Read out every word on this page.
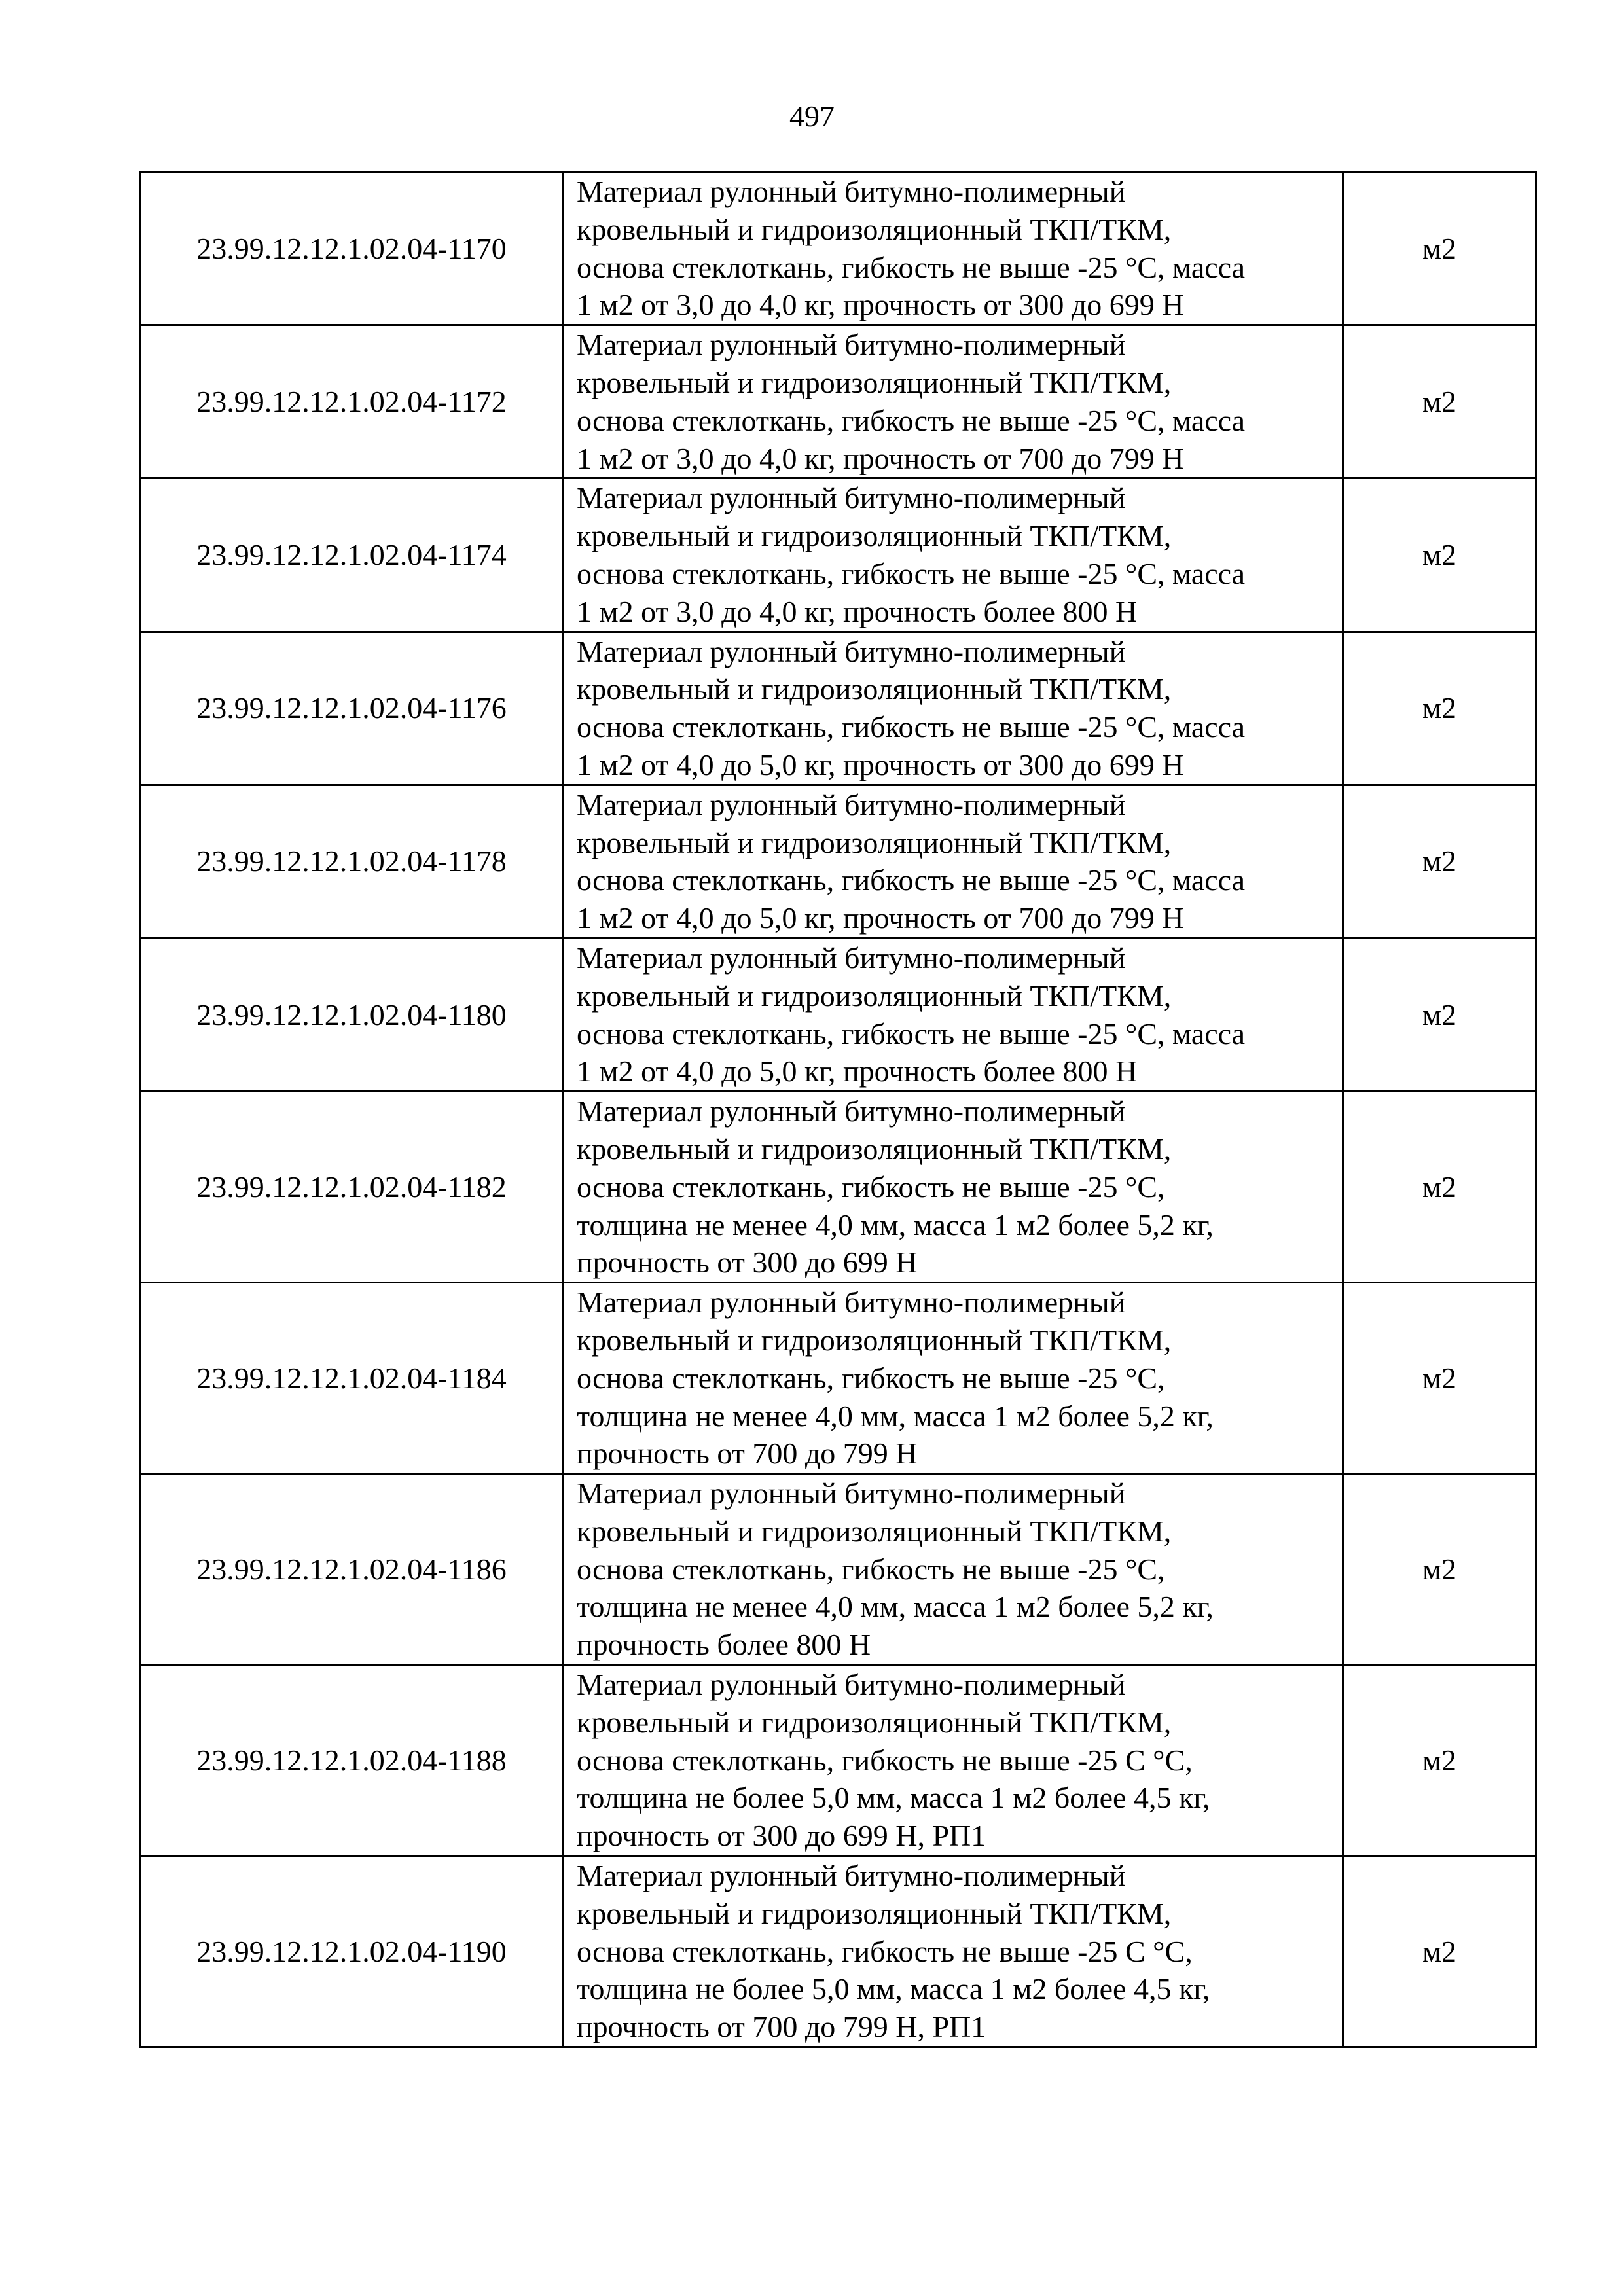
497
23.99.12.12.1.02.04-1170	Материал рулонный битумно-полимерный
кровельный и гидроизоляционный ТКП/ТКМ,
основа стеклоткань, гибкость не выше -25 °С, масса
1 м2 от 3,0 до 4,0 кг, прочность от 300 до 699 Н	м2
23.99.12.12.1.02.04-1172	Материал рулонный битумно-полимерный
кровельный и гидроизоляционный ТКП/ТКМ,
основа стеклоткань, гибкость не выше -25 °С, масса
1 м2 от 3,0 до 4,0 кг, прочность от 700 до 799 Н	м2
23.99.12.12.1.02.04-1174	Материал рулонный битумно-полимерный
кровельный и гидроизоляционный ТКП/ТКМ,
основа стеклоткань, гибкость не выше -25 °С, масса
1 м2 от 3,0 до 4,0 кг, прочность более 800 Н	м2
23.99.12.12.1.02.04-1176	Материал рулонный битумно-полимерный
кровельный и гидроизоляционный ТКП/ТКМ,
основа стеклоткань, гибкость не выше -25 °С, масса
1 м2 от 4,0 до 5,0 кг, прочность от 300 до 699 Н	м2
23.99.12.12.1.02.04-1178	Материал рулонный битумно-полимерный
кровельный и гидроизоляционный ТКП/ТКМ,
основа стеклоткань, гибкость не выше -25 °С, масса
1 м2 от 4,0 до 5,0 кг, прочность от 700 до 799 Н	м2
23.99.12.12.1.02.04-1180	Материал рулонный битумно-полимерный
кровельный и гидроизоляционный ТКП/ТКМ,
основа стеклоткань, гибкость не выше -25 °С, масса
1 м2 от 4,0 до 5,0 кг, прочность более 800 Н	м2
23.99.12.12.1.02.04-1182	Материал рулонный битумно-полимерный
кровельный и гидроизоляционный ТКП/ТКМ,
основа стеклоткань, гибкость не выше -25 °С,
толщина не менее 4,0 мм, масса 1 м2 более 5,2 кг,
прочность от 300 до 699 Н	м2
23.99.12.12.1.02.04-1184	Материал рулонный битумно-полимерный
кровельный и гидроизоляционный ТКП/ТКМ,
основа стеклоткань, гибкость не выше -25 °С,
толщина не менее 4,0 мм, масса 1 м2 более 5,2 кг,
прочность от 700 до 799 Н	м2
23.99.12.12.1.02.04-1186	Материал рулонный битумно-полимерный
кровельный и гидроизоляционный ТКП/ТКМ,
основа стеклоткань, гибкость не выше -25 °С,
толщина не менее 4,0 мм, масса 1 м2 более 5,2 кг,
прочность более 800 Н	м2
23.99.12.12.1.02.04-1188	Материал рулонный битумно-полимерный
кровельный и гидроизоляционный ТКП/ТКМ,
основа стеклоткань, гибкость не выше -25 С °С,
толщина не более 5,0 мм, масса 1 м2 более 4,5 кг,
прочность от 300 до 699 Н, РП1	м2
23.99.12.12.1.02.04-1190	Материал рулонный битумно-полимерный
кровельный и гидроизоляционный ТКП/ТКМ,
основа стеклоткань, гибкость не выше -25 С °С,
толщина не более 5,0 мм, масса 1 м2 более 4,5 кг,
прочность от 700 до 799 Н, РП1	м2
